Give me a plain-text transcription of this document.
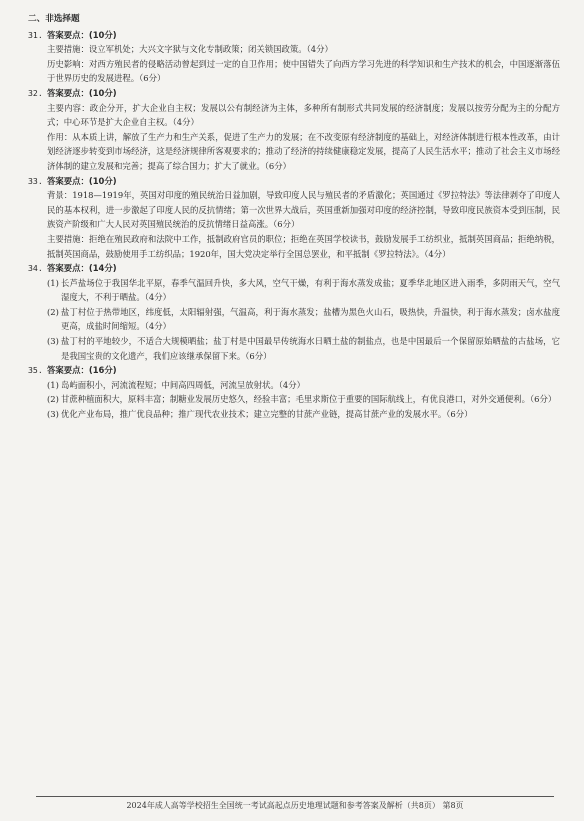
二、非选择题
31. 答案要点：(10分)

主要措施：设立军机处；大兴文字狱与文化专制政策；闭关锁国政策。（4分）

历史影响：对西方殖民者的侵略活动曾起到过一定的自卫作用；使中国错失了向西方学习先进的科学知识和生产技术的机会，中国逐渐落伍于世界历史的发展进程。（6分）

32. 答案要点：(10分)

主要内容：政企分开，扩大企业自主权；发展以公有制经济为主体，多种所有制形式共同发展的经济制度；发展以按劳分配为主的分配方式；中心环节是扩大企业自主权。（4分）

作用：从本质上讲，解放了生产力和生产关系，促进了生产力的发展；在不改变原有经济制度的基础上，对经济体制进行根本性改革，由计划经济逐步转变到市场经济，这是经济规律所客观要求的；推动了经济的持续健康稳定发展，提高了人民生活水平；推动了社会主义市场经济体制的建立发展和完善；提高了综合国力；扩大了就业。（6分）

33. 答案要点：(10分)

背景：1918—1919年，英国对印度的殖民统治日益加剧，导致印度人民与殖民者的矛盾激化；英国通过《罗拉特法》等法律剥夺了印度人民的基本权利，进一步激起了印度人民的反抗情绪；第一次世界大战后，英国重新加强对印度的经济控制，导致印度民族资本受到压制，民族资产阶级和广大人民对英国殖民统治的反抗情绪日益高涨。（6分）

主要措施：拒绝在殖民政府和法院中工作，抵制政府官员的职位；拒绝在英国学校读书，鼓励发展手工纺织业，抵制英国商品；拒绝纳税，抵制英国商品，鼓励使用手工纺织品；1920年，国大党决定举行全国总罢业，和平抵制《罗拉特法》。（4分）

34. 答案要点：(14分)
(1) 长芦盐场位于我国华北平原，春季气温回升快，多大风，空气干燥，有利于海水蒸发成盐；夏季华北地区进入雨季，多阴雨天气，空气湿度大，不利于晒盐。（4分）
(2) 盐丁村位于热带地区，纬度低，太阳辐射强，气温高，利于海水蒸发；盐槽为黑色火山石，吸热快，升温快，利于海水蒸发；卤水盐度更高，成盐时间缩短。（4分）
(3) 盐丁村的平地较少，不适合大规模晒盐；盐丁村是中国最早传统海水日晒土盐的制盐点，也是中国最后一个保留原始晒盐的古盐场，它是我国宝贵的文化遗产，我们应该继承保留下来。（6分）
35. 答案要点：(16分)
(1) 岛屿面积小，河流流程短；中间高四周低，河流呈放射状。（4分）
(2) 甘蔗种植面积大，原料丰富；制糖业发展历史悠久，经验丰富；毛里求斯位于重要的国际航线上，有优良港口，对外交通便利。（6分）
(3) 优化产业布局，推广优良品种；推广现代农业技术；建立完整的甘蔗产业链，提高甘蔗产业的发展水平。（6分）
2024年成人高等学校招生全国统一考试高起点历史地理试题和参考答案及解析（共8页） 第8页
